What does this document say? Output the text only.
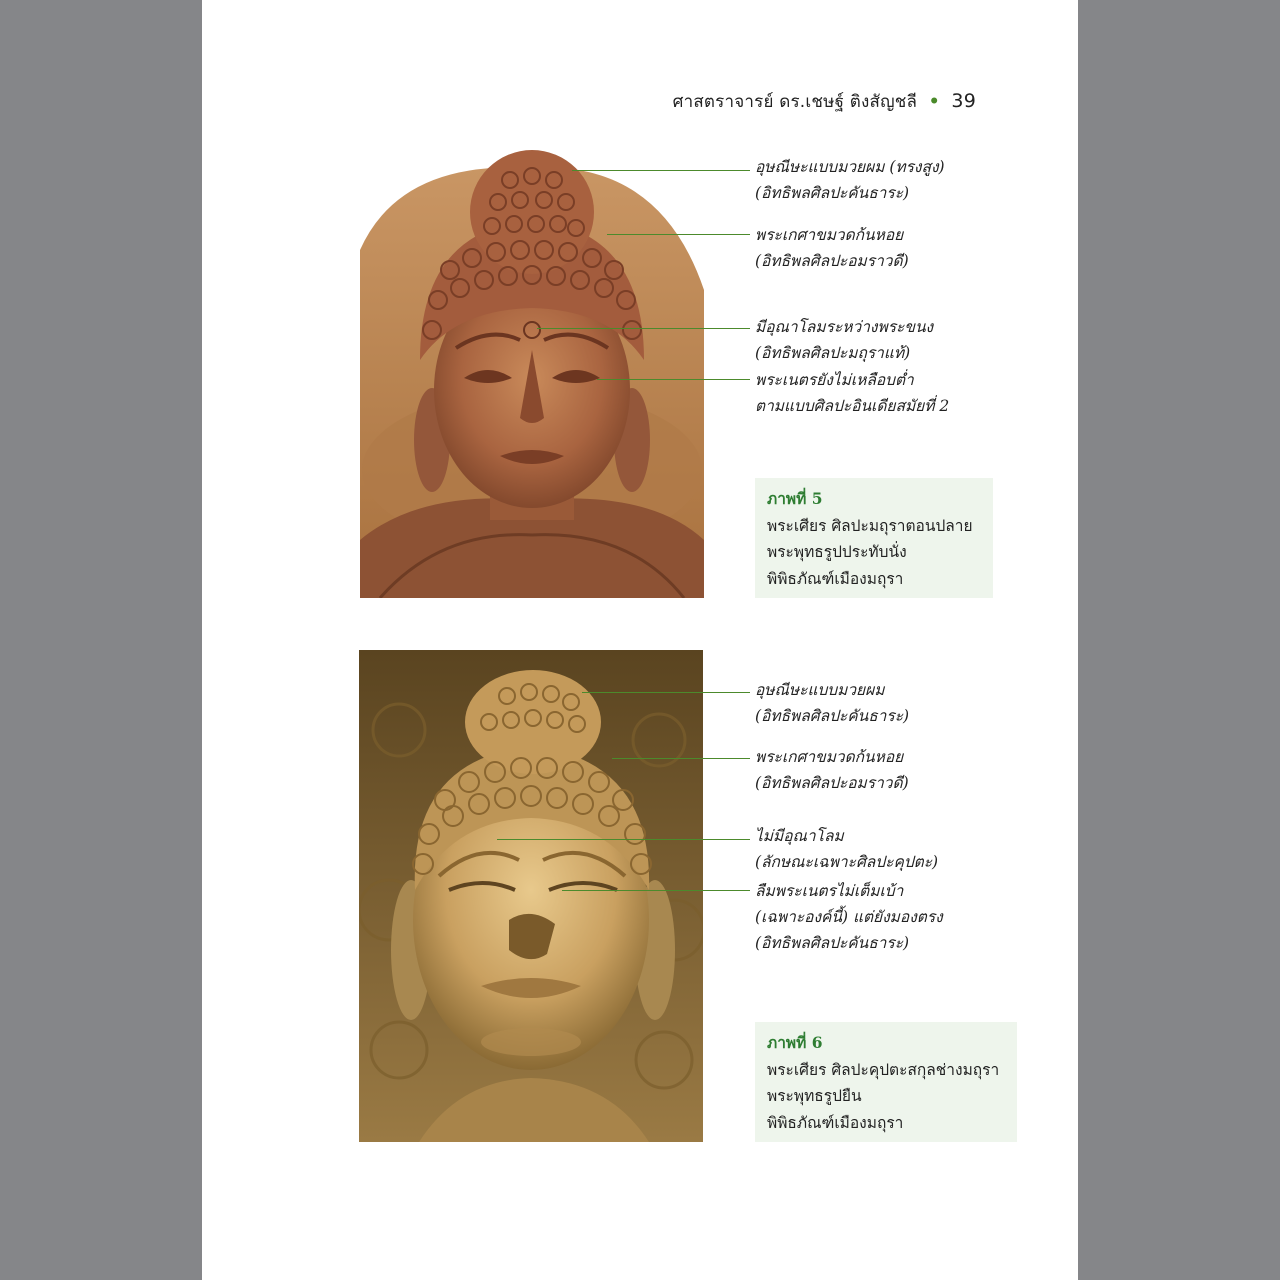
ศาสตราจารย์ ดร.เชษฐ์ ติงสัญชลี • 39
อุษณีษะแบบมวยผม (ทรงสูง)
(อิทธิพลศิลปะคันธาระ)
พระเกศาขมวดก้นหอย
(อิทธิพลศิลปะอมราวดี)
มีอุณาโลมระหว่างพระขนง
(อิทธิพลศิลปะมถุราแท้)
พระเนตรยังไม่เหลือบต่ำ
ตามแบบศิลปะอินเดียสมัยที่ 2
ภาพที่ 5
พระเศียร ศิลปะมถุราตอนปลาย
พระพุทธรูปประทับนั่ง
พิพิธภัณฑ์เมืองมถุรา
อุษณีษะแบบมวยผม
(อิทธิพลศิลปะคันธาระ)
พระเกศาขมวดก้นหอย
(อิทธิพลศิลปะอมราวดี)
ไม่มีอุณาโลม
(ลักษณะเฉพาะศิลปะคุปตะ)
ลืมพระเนตรไม่เต็มเบ้า
(เฉพาะองค์นี้) แต่ยังมองตรง
(อิทธิพลศิลปะคันธาระ)
ภาพที่ 6
พระเศียร ศิลปะคุปตะสกุลช่างมถุรา
พระพุทธรูปยืน
พิพิธภัณฑ์เมืองมถุรา
